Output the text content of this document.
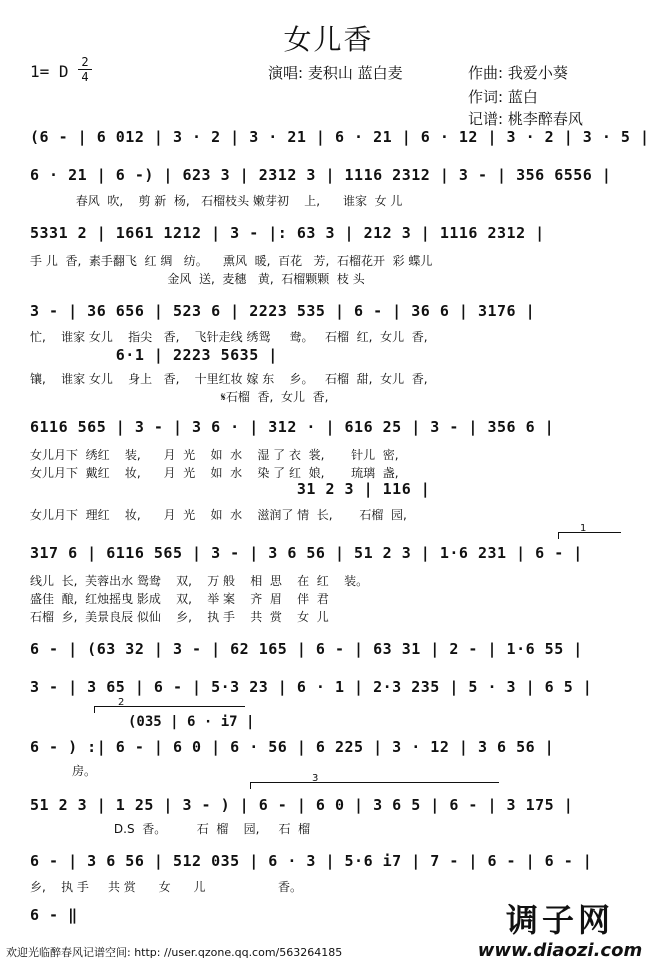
女儿香
1= D 2
4	演唱: 麦积山 蓝白麦	作曲: 我爱小葵
作词: 蓝白
记谱: 桃李醉春风
(6 - | 6 012 | 3 · 2 | 3 · 21 | 6 · 21 | 6 · 12 | 3 · 2 | 3 · 5 |
6 · 21 | 6 -) | 623 3 | 2312 3 | 1116 2312 | 3 - | 356 6556 |
春风  吹,    剪 新  杨,   石榴枝头 嫩芽初    上,      谁家  女 儿
5331 2 | 1661 1212 | 3 - |: 63 3 | 212 3 | 1116 2312 |
手 儿  香,  素手翻飞  红 绸   纺。    熏风  暖,  百花   芳,  石榴花开  彩 蝶儿
金风  送,  麦穗   黄,  石榴颗颗  枝 头
3 - | 36 656 | 523 6 | 2223 535 | 6 - | 36 6 | 3176 |
忙,    谁家 女儿    指尖   香,    飞针走线 绣鸳     鸯。   石榴  红,  女儿  香,
6·1 | 2223 5635 |
镶,    谁家 女儿    身上   香,    十里红妆 嫁 东    乡。   石榴  甜,  女儿  香,
𝄋石榴  香,  女儿  香,
6116 565 | 3 - | 3 6 · | 312 · | 616 25 | 3 - | 356 6 |
女儿月下  绣红    装,      月  光    如  水    湿 了 衣  裳,       针儿  密,
女儿月下  戴红    妆,      月  光    如  水    染 了 红  娘,       琉璃  盏,
31 2 3 | 116 |
女儿月下  理红    妆,      月  光    如  水    滋润了 情  长,       石榴  园,
1
317 6 | 6116 565 | 3 - | 3 6 56 | 51 2 3 | 1·6 231 | 6 - |
线儿  长,  芙蓉出水 鸳鸯    双,    万 般    相  思    在  红    装。
盛佳  酿,  红烛摇曳 影成    双,    举 案    齐  眉    伴  君
石榴  乡,  美景良辰 似仙    乡,    执 手    共  赏    女  儿
6 - | (63 32 | 3 - | 62 165 | 6 - | 63 31 | 2 - | 1·6 55 |
3 - | 3 65 | 6 - | 5·3 23 | 6 · 1 | 2·3 235 | 5 · 3 | 6 5 |
2
(035 | 6 · i7 |
6 - ) :| 6 - | 6 0 | 6 · 56 | 6 225 | 3 · 12 | 3 6 56 |
房。
3
51 2 3 | 1 25 | 3 - ) | 6 - | 6 0 | 3 6 5 | 6 - | 3 175 |
D.S  香。        石  榴    园,     石  榴
6 - | 3 6 56 | 512 035 | 6 · 3 | 5·6 i7 | 7 - | 6 - | 6 - |
乡,    执 手     共 赏      女      儿                   香。
6 - ‖
欢迎光临醉春风记谱空间: http: //user.qzone.qq.com/563264185
调子网
www.diaozi.com
